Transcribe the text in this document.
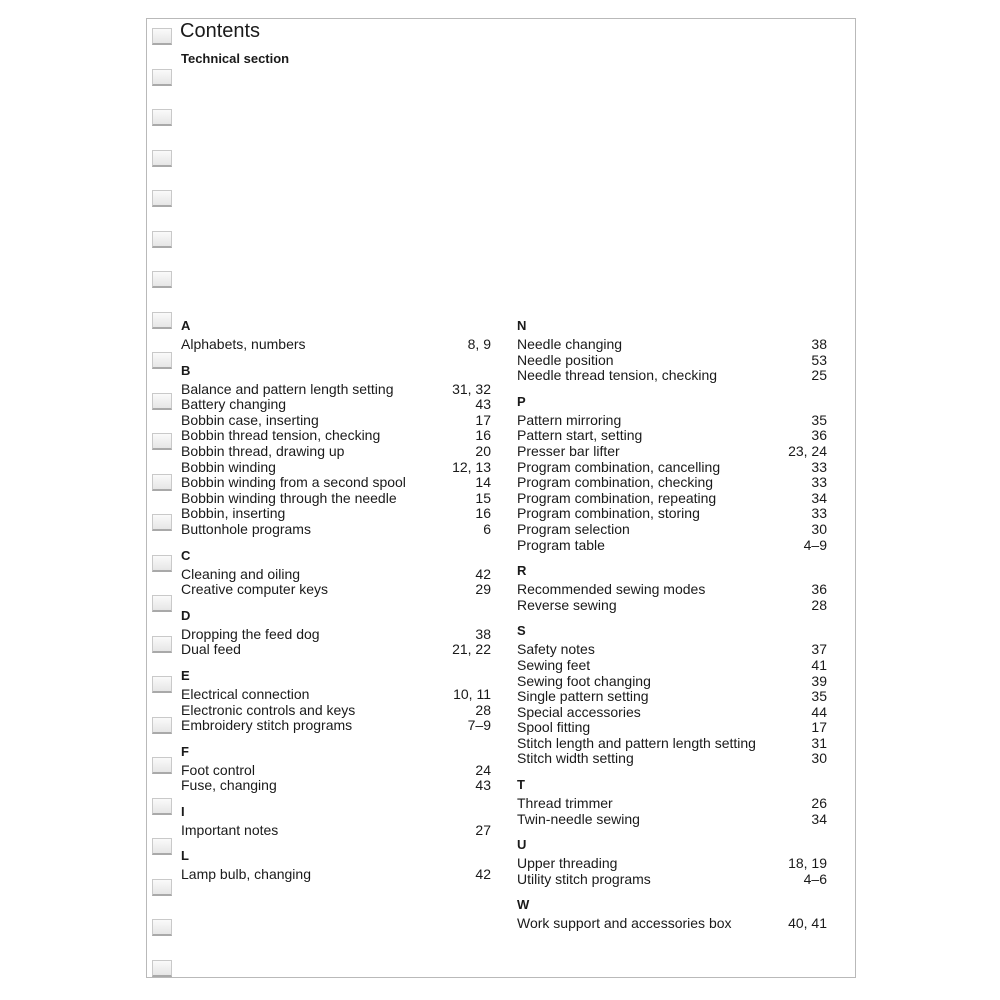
Contents
Technical section
A
Alphabets, numbers	8, 9
B
Balance and pattern length setting	31, 32
Battery changing	43
Bobbin case, inserting	17
Bobbin thread tension, checking	16
Bobbin thread, drawing up	20
Bobbin winding	12, 13
Bobbin winding from a second spool	14
Bobbin winding through the needle	15
Bobbin, inserting	16
Buttonhole programs	6
C
Cleaning and oiling	42
Creative computer keys	29
D
Dropping the feed dog	38
Dual feed	21, 22
E
Electrical connection	10, 11
Electronic controls and keys	28
Embroidery stitch programs	7–9
F
Foot control	24
Fuse, changing	43
I
Important notes	27
L
Lamp bulb, changing	42
N
Needle changing	38
Needle position	53
Needle thread tension, checking	25
P
Pattern mirroring	35
Pattern start, setting	36
Presser bar lifter	23, 24
Program combination, cancelling	33
Program combination, checking	33
Program combination, repeating	34
Program combination, storing	33
Program selection	30
Program table	4–9
R
Recommended sewing modes	36
Reverse sewing	28
S
Safety notes	37
Sewing feet	41
Sewing foot changing	39
Single pattern setting	35
Special accessories	44
Spool fitting	17
Stitch length and pattern length setting	31
Stitch width setting	30
T
Thread trimmer	26
Twin-needle sewing	34
U
Upper threading	18, 19
Utility stitch programs	4–6
W
Work support and accessories box	40, 41
